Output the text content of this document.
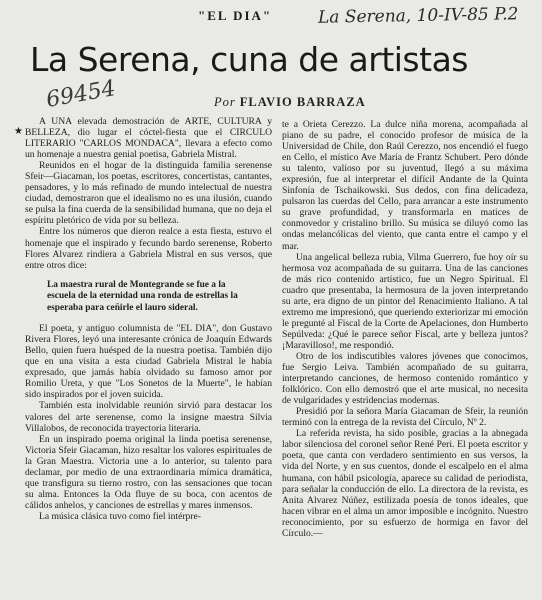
"EL DIA"	La Serena, 10-IV-85 P.2
La Serena, cuna de artistas
69454	Por FLAVIO BARRAZA
★

A UNA elevada demostración de ARTE, CULTURA y BELLEZA, dio lugar el cóctel-fiesta que el CIRCULO LITERARIO "CARLOS MONDACA", llevara a efecto como un homenaje a nuestra genial poetisa, Gabriela Mistral.

Reunidos en el hogar de la distinguida familia serenense Sfeir—Giacaman, los poetas, escritores, concertistas, cantantes, pensadores, y lo más refinado de mundo intelectual de nuestra ciudad, demostraron que el idealismo no es una ilusión, cuando se pulsa la fina cuerda de la sensibilidad humana, que no deja el espíritu pletórico de vida por su belleza.

Entre los números que dieron realce a esta fiesta, estuvo el homenaje que el inspirado y fecundo bardo serenense, Roberto Flores Alvarez rindiera a Gabriela Mistral en sus versos, que entre otros dice:

La maestra rural de Montegrande se fue a la escuela de la eternidad una ronda de estrellas la esperaba para ceñirle el lauro sideral.

El poeta, y antiguo columnista de "EL DIA", don Gustavo Rivera Flores, leyó una interesante crónica de Joaquín Edwards Bello, quien fuera huésped de la nuestra poetisa. También dijo que en una visita a esta ciudad Gabriela Mistral le había expresado, que jamás había olvidado su famoso amor por Romilio Ureta, y que "Los Sonetos de la Muerte", le habían sido inspirados por el joven suicida.

También esta inolvidable reunión sirvió para destacar los valores del arte serenense, como la insigne maestra Silvia Villalobos, de reconocida trayectoria literaria.

En un inspirado poema original la linda poetisa serenense, Victoria Sfeir Giacaman, hizo resaltar los valores espirituales de la Gran Maestra. Victoria une a lo anterior, su talento para declamar, por medio de una extraordinaria mímica dramática, que transfigura su tierno rostro, con las sensaciones que tocan su alma. Entonces la Oda fluye de su boca, con acentos de cálidos anhelos, y canciones de estrellas y mares inmensos.

La música clásica tuvo como fiel intérpre-

te a Orieta Cerezzo. La dulce niña morena, acompañada al piano de su padre, el conocido profesor de música de la Universidad de Chile, don Raúl Cerezzo, nos encendió el fuego en Cello, el místico Ave María de Frantz Schubert. Pero dónde su talento, valioso por su juventud, llegó a su máxima expresión, fue al interpretar el difícil Andante de la Quinta Sinfonía de Tschaikowski. Sus dedos, con fina delicadeza, pulsaron las cuerdas del Cello, para arrancar a este instrumento su grave profundidad, y transformarla en matices de conmovedor y cristalino brillo. Su música se diluyó como las ondas melancólicas del viento, que canta entre el campo y el mar.

Una angelical belleza rubia, Vilma Guerrero, fue hoy oír su hermosa voz acompañada de su guitarra. Una de las canciones de más rico contenido artístico, fue un Negro Spiritual. El cuadro que presentaba, la hermosura de la joven interpretando su arte, era digno de un pintor del Renacimiento Italiano. A tal extremo me impresionó, que queriendo exteriorizar mi emoción le pregunté al Fiscal de la Corte de Apelaciones, don Humberto Sepúlveda: ¿Qué le parece señor Fiscal, arte y belleza juntos? ¡Maravilloso!, me respondió.

Otro de los indiscutibles valores jóvenes que conocimos, fue Sergio Leiva. También acompañado de su guitarra, interpretando canciones, de hermoso contenido romántico y folklórico. Con ello demostró que el arte musical, no necesita de vulgaridades y estridencias modernas.

Presidió por la señora María Giacaman de Sfeir, la reunión terminó con la entrega de la revista del Círculo, Nº 2.

La referida revista, ha sido posible, gracias a la abnegada labor silenciosa del coronel señor René Peri. El poeta escritor y poeta, que canta con verdadero sentimiento en sus versos, la vida del Norte, y en sus cuentos, donde el escalpelo en el alma humana, con hábil psicología, aparece su calidad de periodista, para señalar la conducción de ello. La directora de la revista, es Anita Alvarez Núñez, estilizada poesía de tonos ideales, que hacen vibrar en el alma un amor imposible e incógnito. Nuestro reconocimiento, por su esfuerzo de hormiga en favor del Círculo.—
